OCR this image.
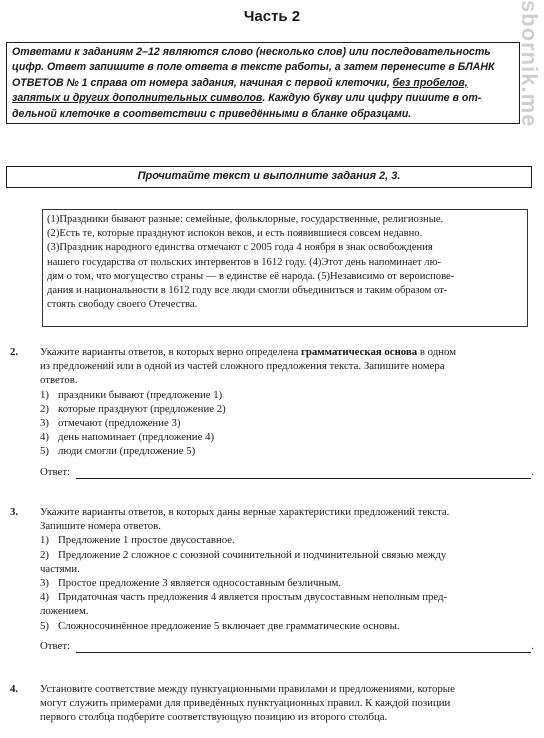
Часть 2	sbornik.me
Ответами к заданиям 2–12 являются слово (несколько слов) или последовательность
цифр. Ответ запишите в поле ответа в тексте работы, а затем перенесите в БЛАНК
ОТВЕТОВ № 1 справа от номера задания, начиная с первой клеточки, без пробелов,
запятых и других дополнительных символов. Каждую букву или цифру пишите в от-
дельной клеточке в соответствии с приведёнными в бланке образцами.
Прочитайте текст и выполните задания 2, 3.
(1)Праздники бывают разные: семейные, фольклорные, государственные, религиозные.
(2)Есть те, которые празднуют испокон веков, и есть появившиеся совсем недавно.
(3)Праздник народного единства отмечают с 2005 года 4 ноября в знак освобождения
нашего государства от польских интервентов в 1612 году. (4)Этот день напоминает лю-
дям о том, что могущество страны — в единстве её народа. (5)Независимо от вероиспове-
дания и национальности в 1612 году все люди смогли объединиться и таким образом от-
стоять свободу своего Отечества.
2. Укажите варианты ответов, в которых верно определена грамматическая основа в одном
из предложений или в одной из частей сложного предложения текста. Запишите номера
ответов.
1) праздники бывают (предложение 1)
2) которые празднуют (предложение 2)
3) отмечают (предложение 3)
4) день напоминает (предложение 4)
5) люди смогли (предложение 5)
Ответ:	.
3. Укажите варианты ответов, в которых даны верные характеристики предложений текста.
Запишите номера ответов.
1) Предложение 1 простое двусоставное.
2) Предложение 2 сложное с союзной сочинительной и подчинительной связью между
частями.
3) Простое предложение 3 является односоставным безличным.
4) Придаточная часть предложения 4 является простым двусоставным неполным пред-
ложением.
5) Сложносочинённое предложение 5 включает две грамматические основы.
Ответ:	.
4. Установите соответствие между пунктуационными правилами и предложениями, которые
могут служить примерами для приведённых пунктуационных правил. К каждой позиции
первого столбца подберите соответствующую позицию из второго столбца.
